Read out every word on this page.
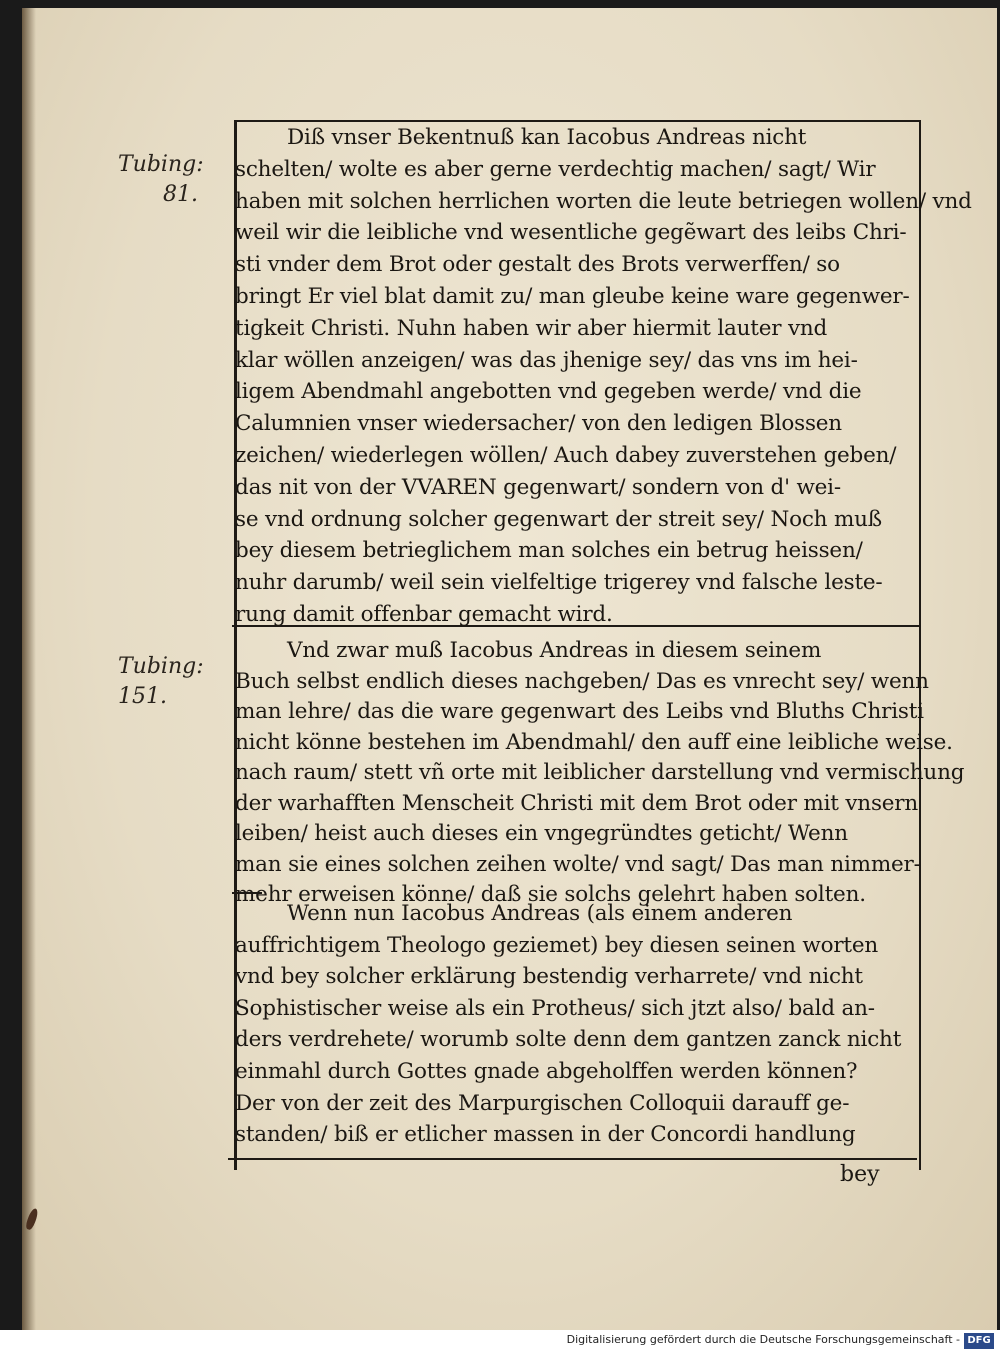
Tubing:
81.
Tubing:
151.
Diß vnser Bekentnuß kan Iacobus Andreas nicht
schelten/ wolte es aber gerne verdechtig machen/ sagt/ Wir
haben mit solchen herrlichen worten die leute betriegen wollen/ vnd
weil wir die leibliche vnd wesentliche gegẽwart des leibs Chri-
sti vnder dem Brot oder gestalt des Brots verwerffen/ so
bringt Er viel blat damit zu/ man gleube keine ware gegenwer-
tigkeit Christi. Nuhn haben wir aber hiermit lauter vnd
klar wöllen anzeigen/ was das jhenige sey/ das vns im hei-
ligem Abendmahl angebotten vnd gegeben werde/ vnd die
Calumnien vnser wiedersacher/ von den ledigen Blossen
zeichen/ wiederlegen wöllen/ Auch dabey zuverstehen geben/
das nit von der VVAREN gegenwart/ sondern von d' wei-
se vnd ordnung solcher gegenwart der streit sey/ Noch muß
bey diesem betrieglichem man solches ein betrug heissen/
nuhr darumb/ weil sein vielfeltige trigerey vnd falsche leste-
rung damit offenbar gemacht wird.
Vnd zwar muß Iacobus Andreas in diesem seinem
Buch selbst endlich dieses nachgeben/ Das es vnrecht sey/ wenn
man lehre/ das die ware gegenwart des Leibs vnd Bluths Christi
nicht könne bestehen im Abendmahl/ den auff eine leibliche weise.
nach raum/ stett vñ orte mit leiblicher darstellung vnd vermischung
der warhafften Menscheit Christi mit dem Brot oder mit vnsern
leiben/ heist auch dieses ein vngegründtes geticht/ Wenn
man sie eines solchen zeihen wolte/ vnd sagt/ Das man nimmer-
mehr erweisen könne/ daß sie solchs gelehrt haben solten.
Wenn nun Iacobus Andreas (als einem anderen
auffrichtigem Theologo geziemet) bey diesen seinen worten
vnd bey solcher erklärung bestendig verharrete/ vnd nicht
Sophistischer weise als ein Protheus/ sich jtzt also/ bald an-
ders verdrehete/ worumb solte denn dem gantzen zanck nicht
einmahl durch Gottes gnade abgeholffen werden können?
Der von der zeit des Marpurgischen Colloquii darauff ge-
standen/ biß er etlicher massen in der Concordi handlung
bey
Digitalisierung gefördert durch die Deutsche Forschungsgemeinschaft - DFG
